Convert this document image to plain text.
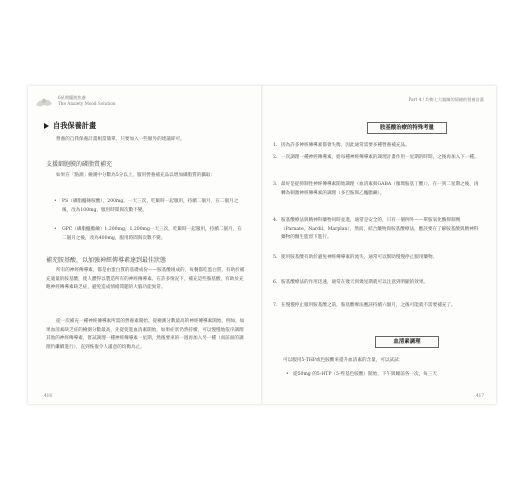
6星期擺脫焦慮
The Anxiety Mood Solution
自我保養計畫

營養的自我保養計畫相當簡單，只要加入一些額外的建議即可。

支援細胞膜的磷脂質補充

如果在「點測」檢測中分數為5分以上，服用營養補充品以增加磷脂質的攝取：

• PS（磷脂醯絲胺酸），200mg，一天三次，吃飯時一起服用，持續二個月，在二個月之後，改為100mg，服用時間與次數不變。
• GPC（磷脂醯膽鹼）1,200mg，1,200mg一天三次，吃飯時一起服用，持續二個月，在二個月之後，改為400mg，服用時間與次數不變。
補充胺基酸，以加強神經傳導素達到最佳狀態

所有的神經傳導素，都是由蛋白質的基礎成份——胺基酸組成的，每餐都吃蛋白質，有助於補充適量的胺基酸，使人體得以製造所有的神經傳導素。在許多情況下，補充這些胺基酸，有助於充飽神經傳導素缺乏症，避免造成情緒問題的大腦功能異常。

從一次補充一種神經傳導素所需的營養素開始。從檢測分數最高的神經傳導素開始，例如，如果血清素缺乏症的檢測分數最高，先從促進血清素開始，如果症狀仍然持續，可以慢慢地依序調理其他的神經傳導素，嘗試調理一種神經傳導素一星期，然後要來的一週再加入另一種（而前面的調理仍繼續進行），直到恢復令人滿意的均衡為止。

416
Part 4 / 均衡七大腦關的情緒的營養計畫
胺基酸治療的特殊考量
1. 因為許多神經傳導素都會失衡，因此通常需要多種營養補充品。
2. 一次調理一種神經傳導素，給每種神經傳導素的調理計畫作用一星期的時間，之後再加入下一種。
3. 最好是從抑制性神經傳導素開始調理（血清素與GABA（伽瑪胺基丁酸）），在一到二星期之後，再轉為刺激神經傳導素的調理（多巴胺與乙醯膽鹼）。
4. 胺基酸療法與精神科藥物同時並進，通常是安全的，只有一個例外——單胺氧化酶抑制劑（Parnate、Nardil、Marplan），然而，結合藥物與胺基酸療法，應該要在了解胺基酸與精神科藥物的醫生監督下進行。
5. 使用胺基酸有助於避免神經傳導素的流失，通常可以幫助慢慢停止服用藥物。
6. 胺基酸療法的作用迅速，通常在幾天到幾星期就可以注意到明顯的效果。
7. 在慢慢停止服用胺基酸之前，胺基酸療法應該持續六個月，之後可能就不需要補充了。
血清素調理

可以服用5-THP或色胺酸來提升血清素的含量，可以試試：

• 從50mg 的5-HTP（5-羥基色胺酸）開始，下午與睡前各一次，每三天
417
